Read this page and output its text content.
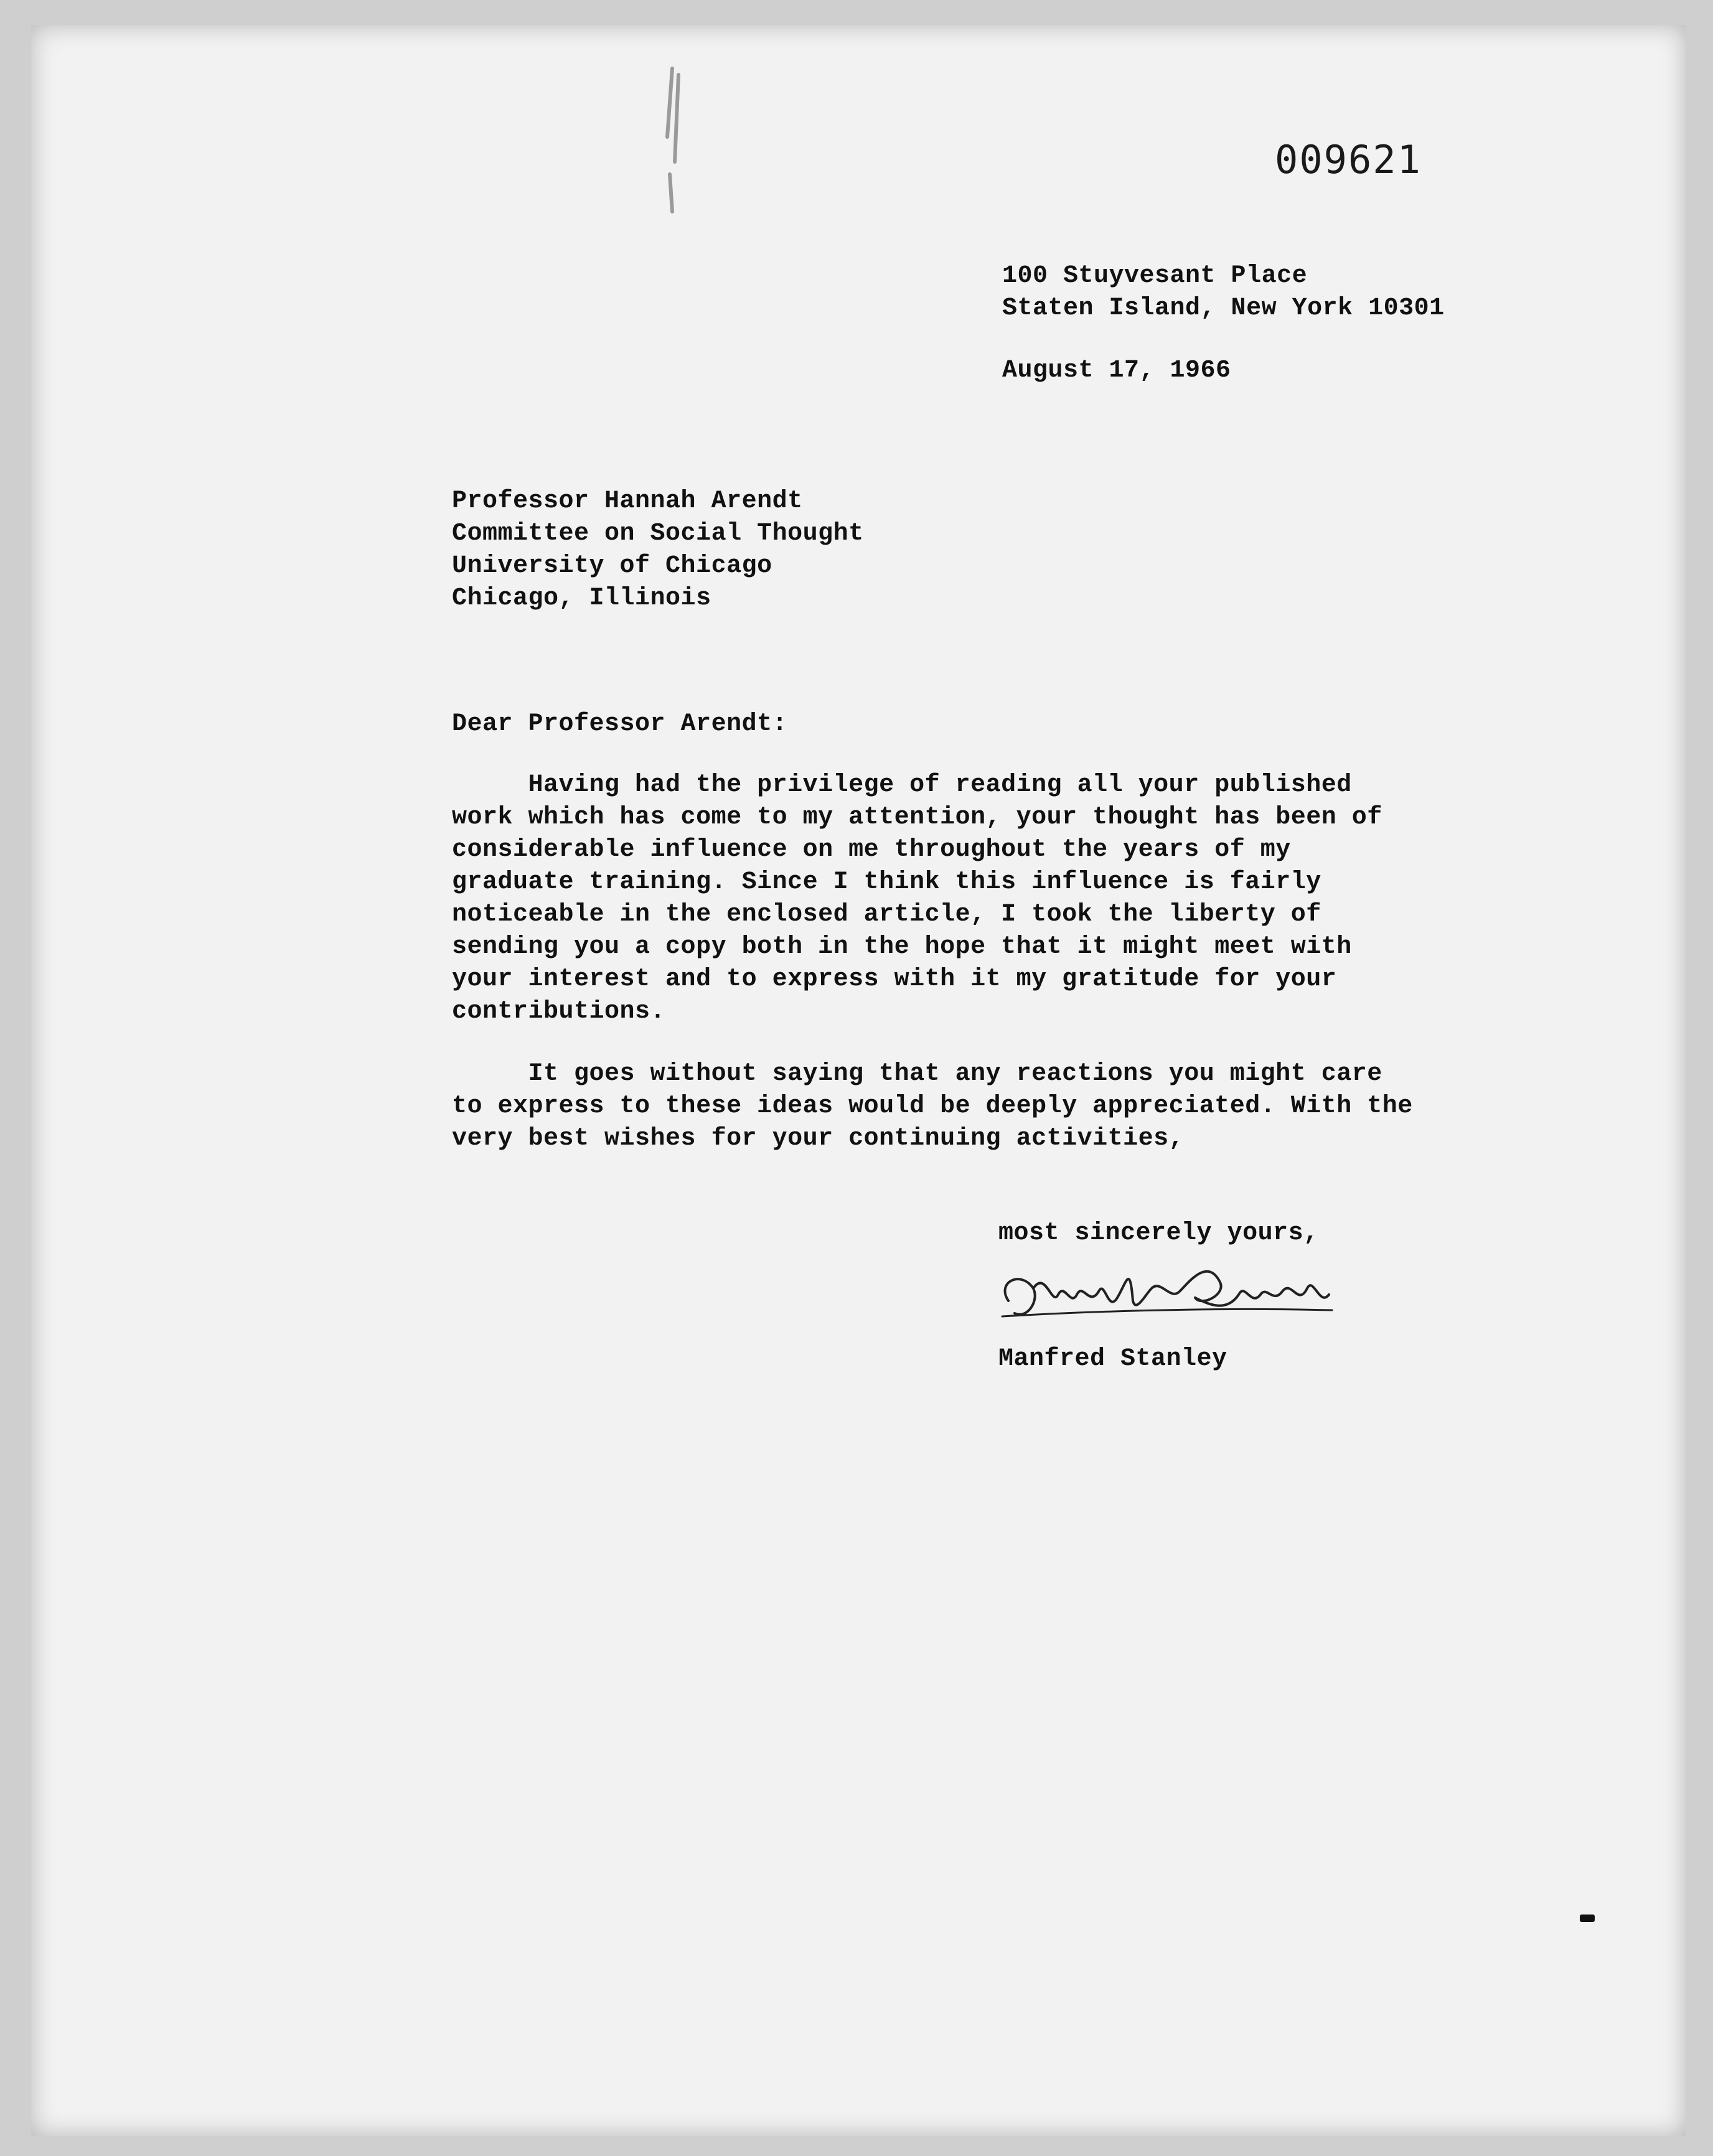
009621
100 Stuyvesant Place
Staten Island, New York 10301
August 17, 1966
Professor Hannah Arendt
Committee on Social Thought
University of Chicago
Chicago, Illinois
Dear Professor Arendt:
Having had the privilege of reading all your published
work which has come to my attention, your thought has been of
considerable influence on me throughout the years of my
graduate training. Since I think this influence is fairly
noticeable in the enclosed article, I took the liberty of
sending you a copy both in the hope that it might meet with
your interest and to express with it my gratitude for your
contributions.
It goes without saying that any reactions you might care
to express to these ideas would be deeply appreciated. With the
very best wishes for your continuing activities,
most sincerely yours,
Manfred Stanley
